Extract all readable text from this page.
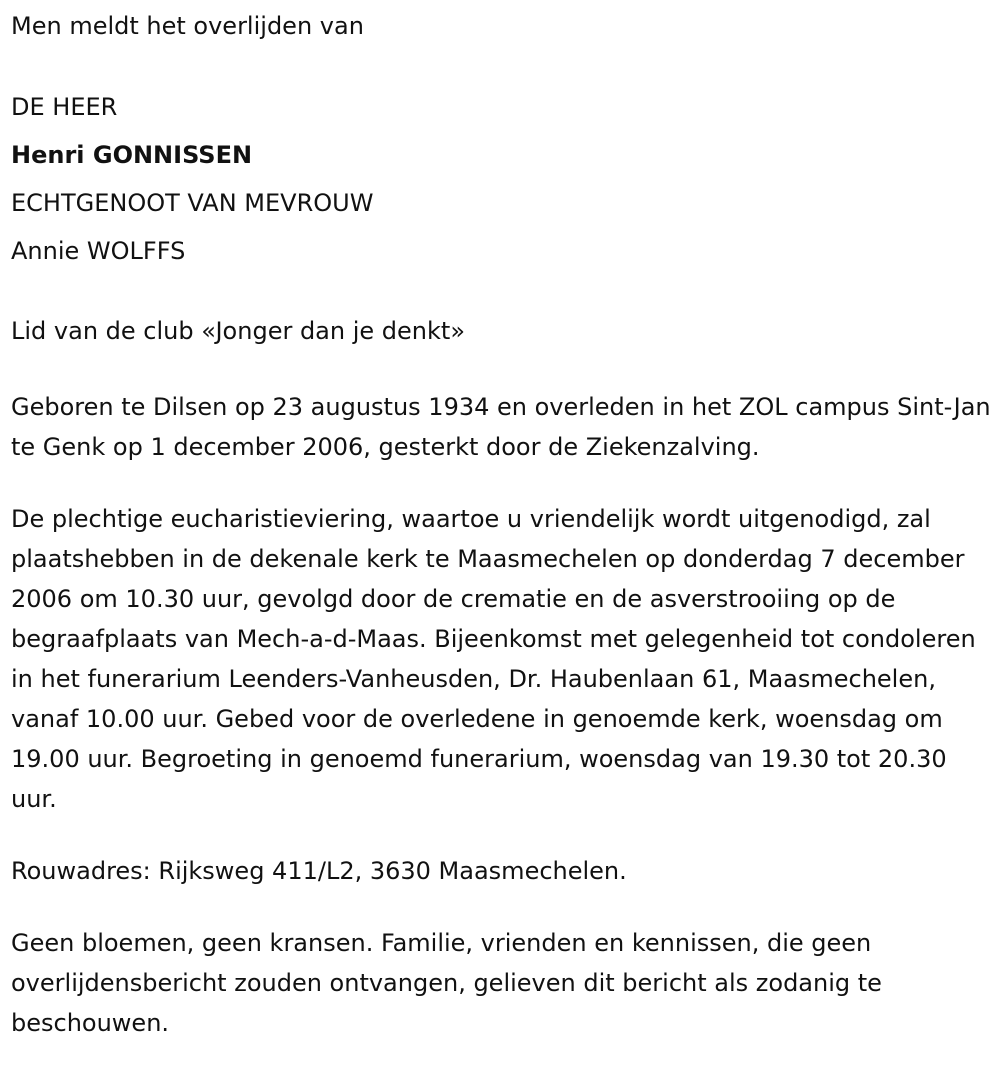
Men meldt het overlijden van

DE HEER

Henri GONNISSEN

ECHTGENOOT VAN MEVROUW

Annie WOLFFS

Lid van de club «Jonger dan je denkt»

Geboren te Dilsen op 23 augustus 1934 en overleden in het ZOL campus Sint-Jan te Genk op 1 december 2006, gesterkt door de Ziekenzalving.

De plechtige eucharistieviering, waartoe u vriendelijk wordt uitgenodigd, zal plaatshebben in de dekenale kerk te Maasmechelen op donderdag 7 december 2006 om 10.30 uur, gevolgd door de crematie en de asverstrooiing op de begraafplaats van Mech-a-d-Maas. Bijeenkomst met gelegenheid tot condoleren in het funerarium Leenders-Vanheusden, Dr. Haubenlaan 61, Maasmechelen, vanaf 10.00 uur. Gebed voor de overledene in genoemde kerk, woensdag om 19.00 uur. Begroeting in genoemd funerarium, woensdag van 19.30 tot 20.30 uur.

Rouwadres: Rijksweg 411/L2, 3630 Maasmechelen.

Geen bloemen, geen kransen. Familie, vrienden en kennissen, die geen overlijdensbericht zouden ontvangen, gelieven dit bericht als zodanig te beschouwen.
